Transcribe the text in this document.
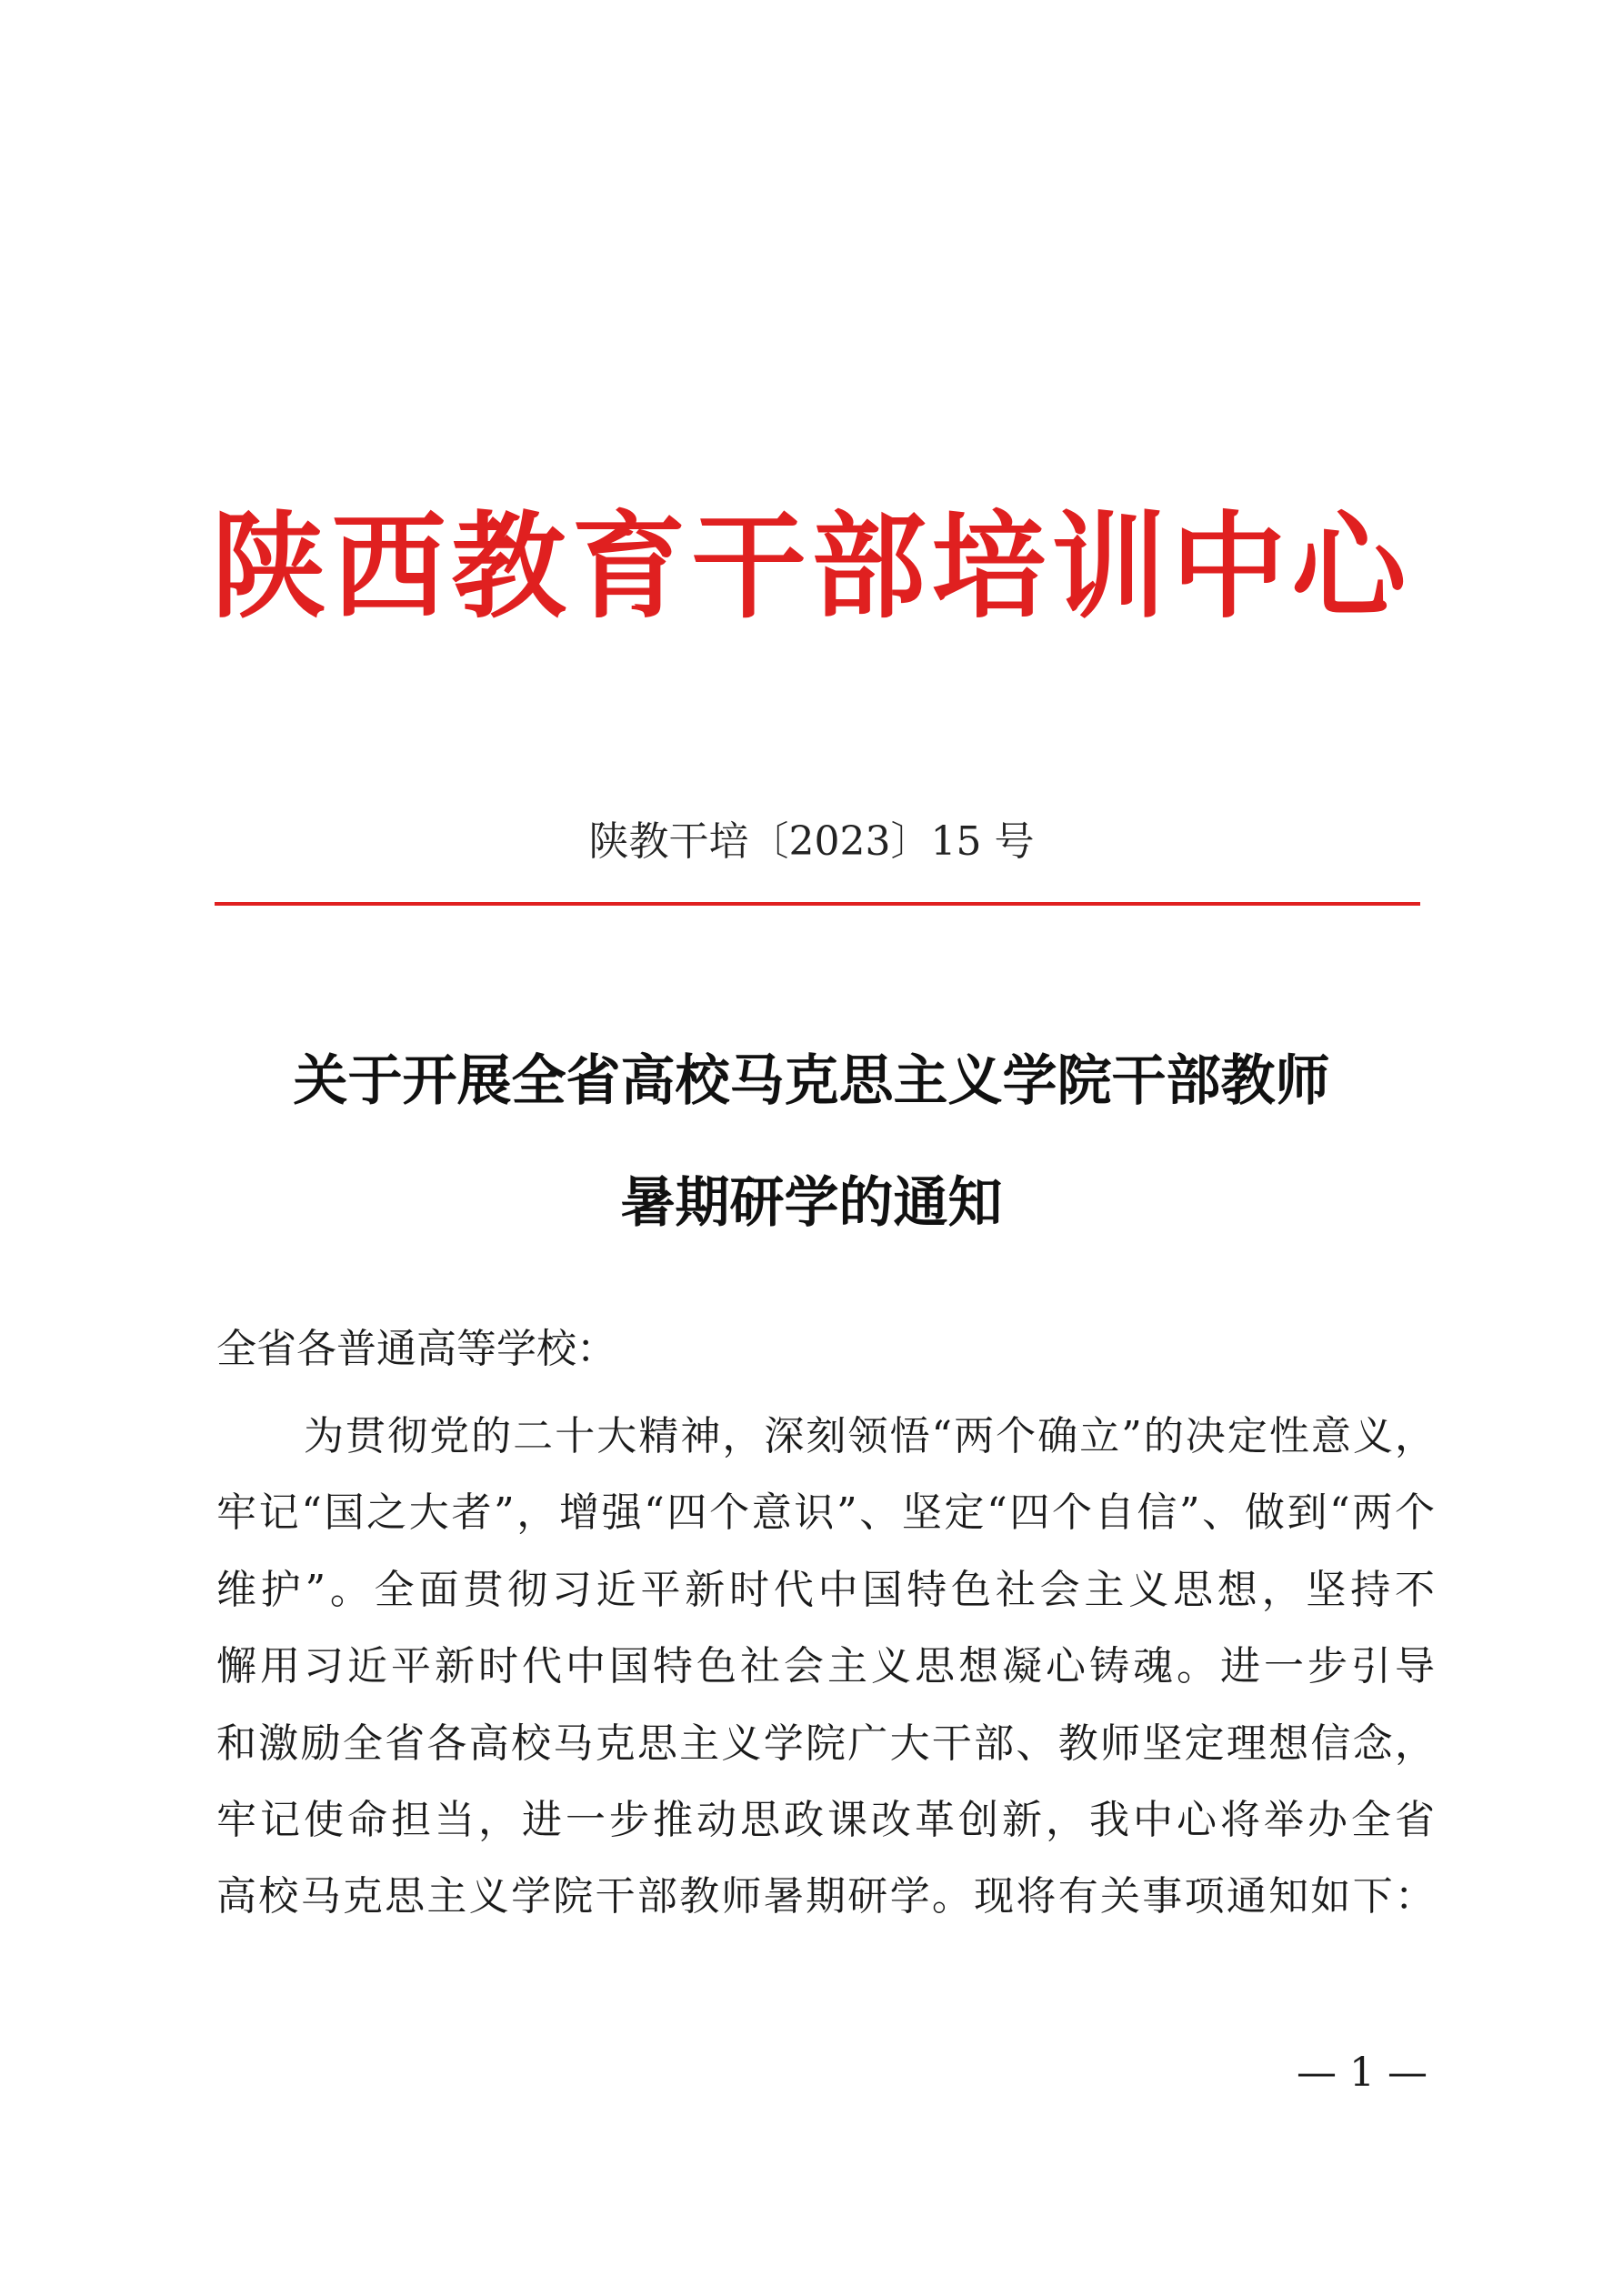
陕西教育干部培训中心
陕教干培〔2023〕15 号
关于开展全省高校马克思主义学院干部教师
暑期研学的通知
全省各普通高等学校：
为贯彻党的二十大精神，深刻领悟“两个确立”的决定性意义，
牢记“国之大者”，增强“四个意识”、坚定“四个自信”、做到“两个
维护”。全面贯彻习近平新时代中国特色社会主义思想，坚持不
懈用习近平新时代中国特色社会主义思想凝心铸魂。进一步引导
和激励全省各高校马克思主义学院广大干部、教师坚定理想信念，
牢记使命担当，进一步推动思政课改革创新，我中心将举办全省
高校马克思主义学院干部教师暑期研学。现将有关事项通知如下：
— 1 —
